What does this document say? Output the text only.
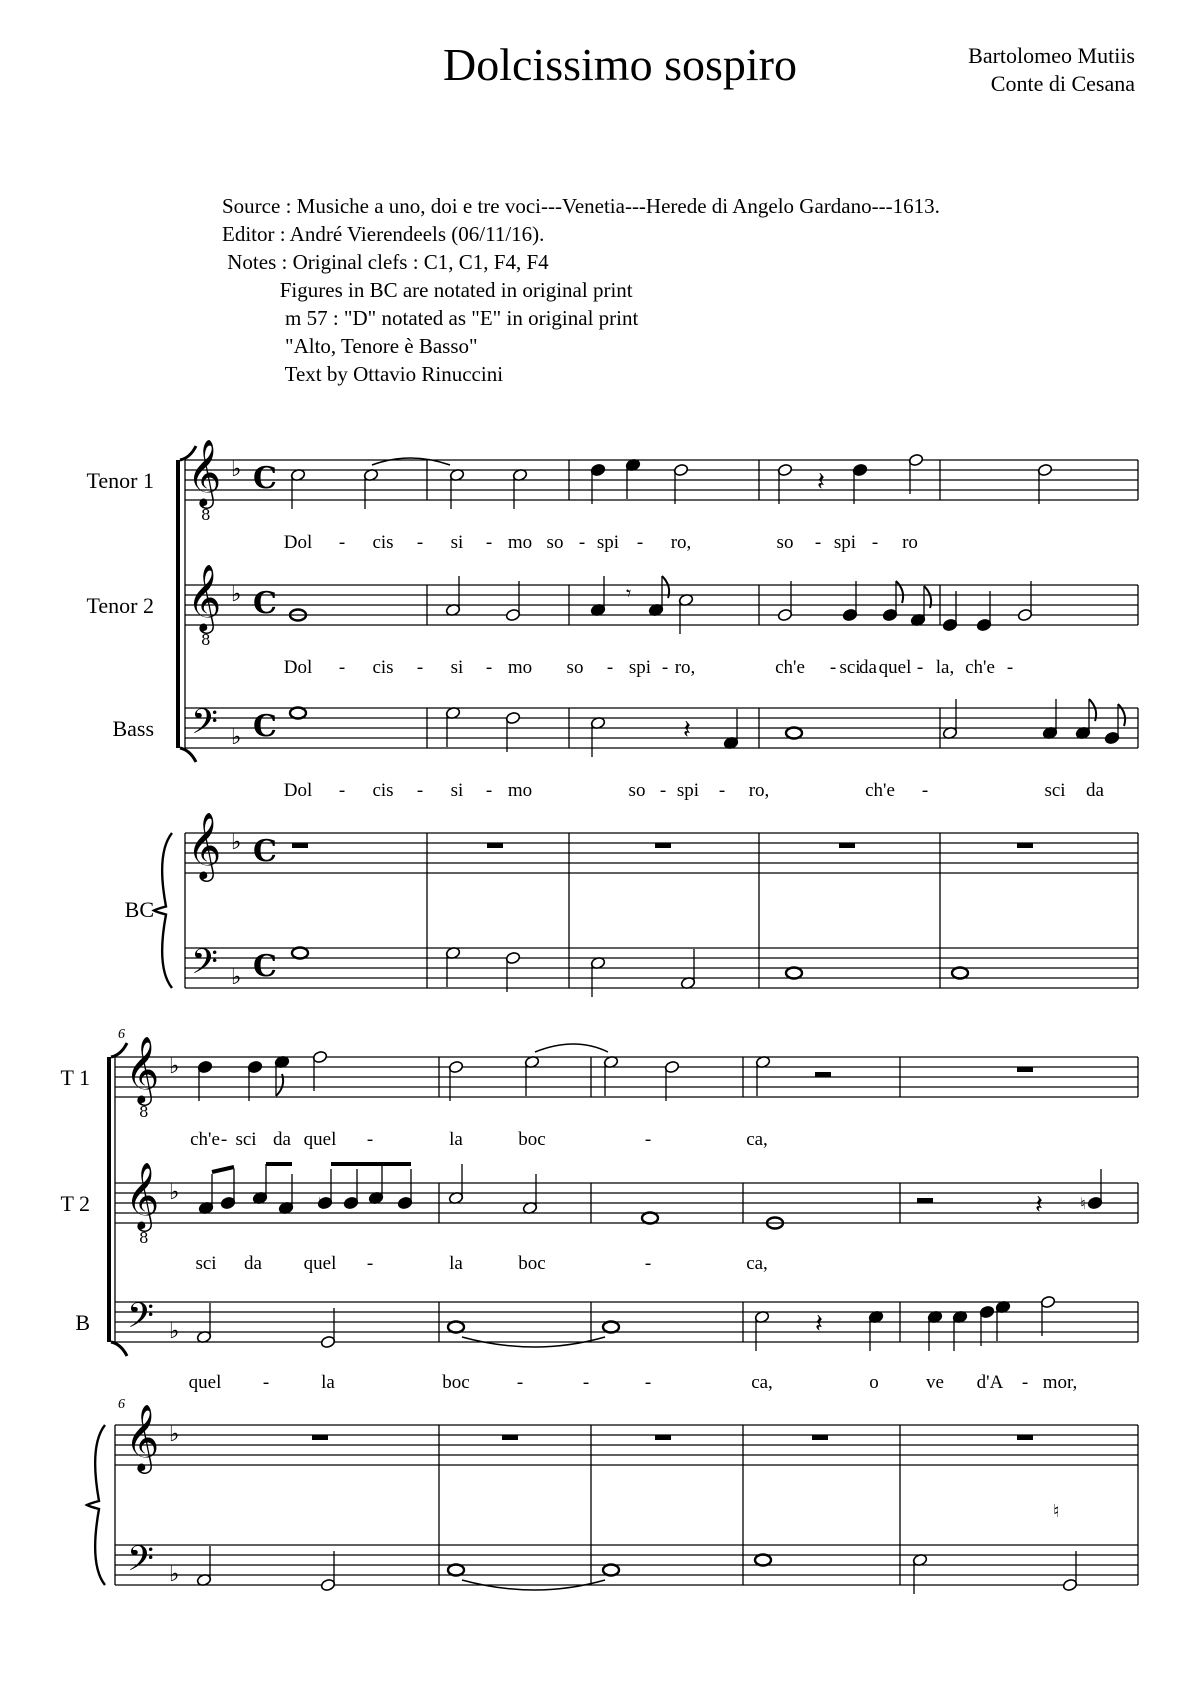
Dolcissimo sospiro	Bartolomeo Mutiis
Conte di Cesana
Source : Musiche a uno, doi e tre voci---Venetia---Herede di Angelo Gardano---1613.
Editor : André Vierendeels (06/11/16).
Notes : Original clefs : C1, C1, F4, F4
Figures in BC are notated in original print
m 57 : "D" notated as "E" in original print
"Alto, Tenore è Basso"
Text by Ottavio Rinuccini
𝄞
8
♭ C
𝄞
8
♭ C
𝄢 ♭ C
𝄞 ♭ C
𝄢 ♭ C
𝄽
𝄾
𝄽
𝄞
8
♭
𝄞
8
♭
𝄢 ♭
𝄞 ♭
𝄢 ♭
𝄽
♮	♮
𝄽
♮
Tenor 1
Tenor 2
Bass
BC
T 1
T 2
B
6
6
Dol - cis - si - mo so - spi - ro,	so - spi - ro
Dol - cis - si - mo so - spi - ro,	ch'e - sci
da quel - la, ch'e -
Dol - cis - si - mo	so - spi - ro,	ch'e -	sci da
ch'e - sci da quel -	la	boc	-	ca,
sci da quel -	la	boc	-	ca,
quel -	la	boc -	-	-	ca,	o ve d'A - mor,
